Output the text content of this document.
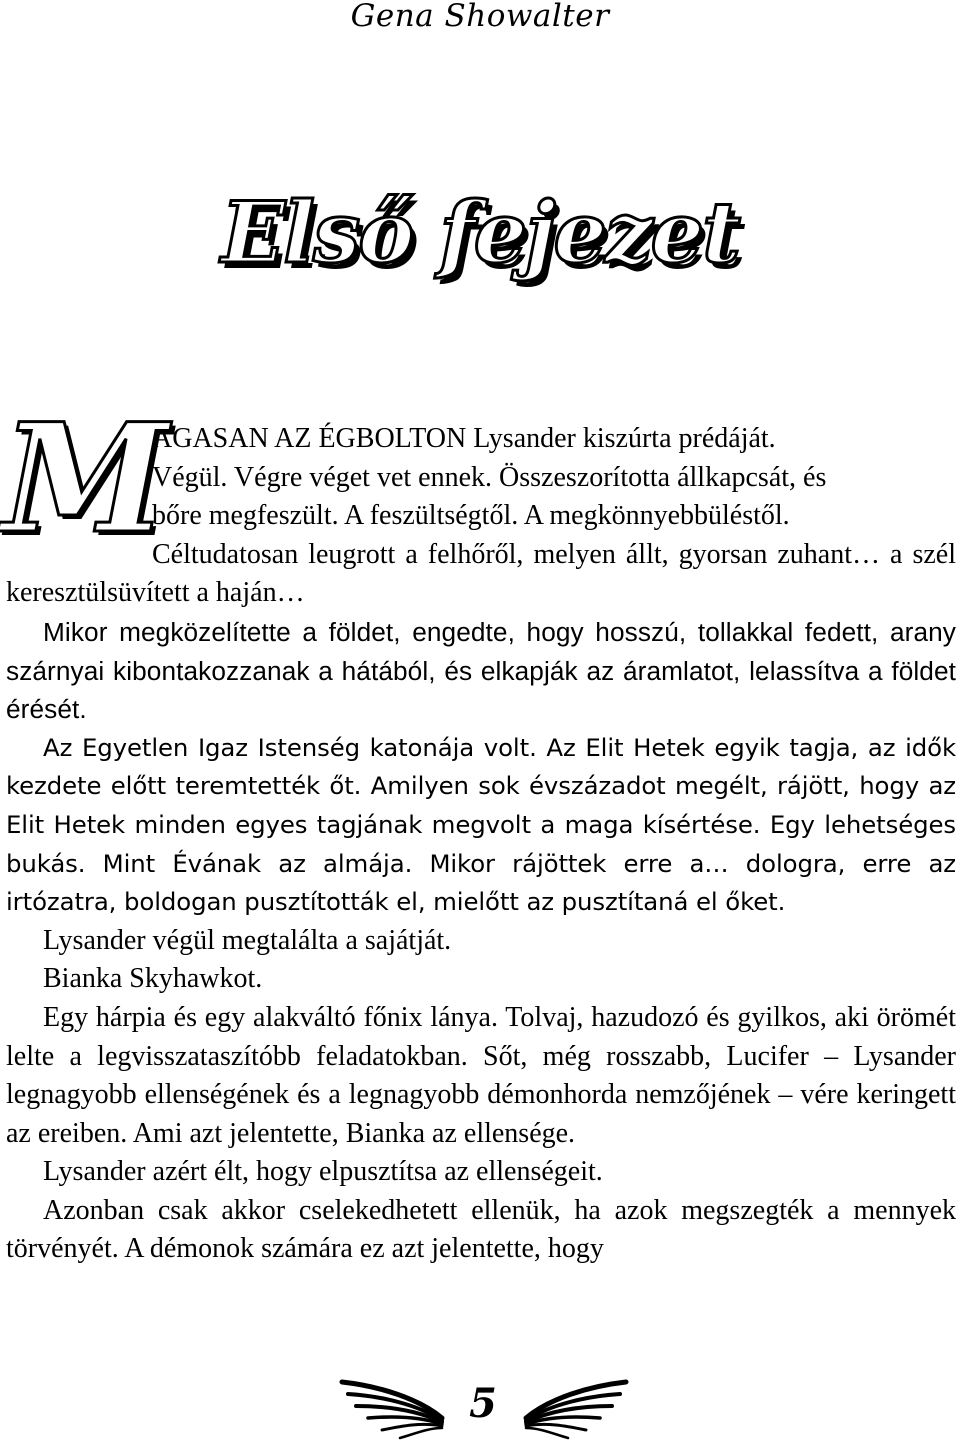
Gena Showalter
Első fejezet

M
AGASAN AZ ÉGBOLTON Lysander kiszúrta prédáját.
Végül. Végre véget vet ennek. Összeszorította állkapcsát, és
bőre megfeszült. A feszültségtől. A megkönnyebbüléstől.
Céltudatosan leugrott a felhőről, melyen állt, gyorsan zuhant… a szél keresztülsüvített a haján…

Mikor megközelítette a földet, engedte, hogy hosszú, tollakkal fedett, arany szárnyai kibontakozzanak a hátából, és elkapják az áramlatot, lelassítva a földet érését.

Az Egyetlen Igaz Istenség katonája volt. Az Elit Hetek egyik tagja, az idők kezdete előtt teremtették őt. Amilyen sok évszázadot megélt, rájött, hogy az Elit Hetek minden egyes tagjának megvolt a maga kísértése. Egy lehetséges bukás. Mint Évának az almája. Mikor rájöttek erre a… dologra, erre az irtózatra, boldogan pusztították el, mielőtt az pusztítaná el őket.

Lysander végül megtalálta a sajátját.

Bianka Skyhawkot.

Egy hárpia és egy alakváltó főnix lánya. Tolvaj, hazudozó és gyilkos, aki örömét lelte a legvisszataszítóbb feladatokban. Sőt, még rosszabb, Lucifer – Lysander legnagyobb ellenségének és a legnagyobb démonhorda nemzőjének – vére keringett az ereiben. Ami azt jelentette, Bianka az ellensége.

Lysander azért élt, hogy elpusztítsa az ellenségeit.

Azonban csak akkor cselekedhetett ellenük, ha azok megszegték a mennyek törvényét. A démonok számára ez azt jelentette, hogy

5
